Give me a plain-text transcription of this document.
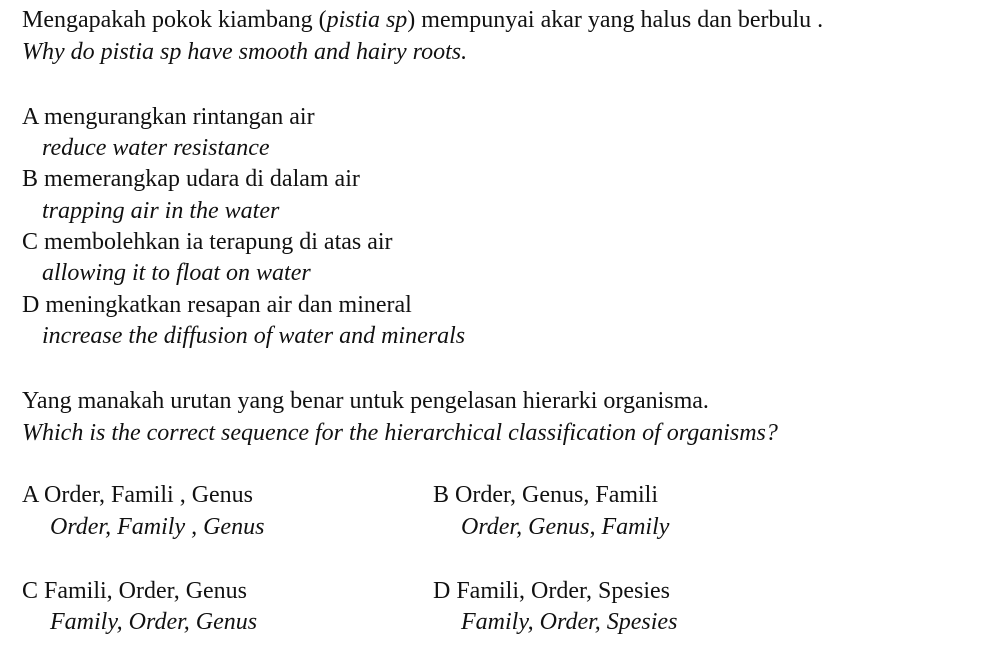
Mengapakah pokok kiambang (pistia sp) mempunyai akar yang halus dan berbulu .
Why do pistia sp have smooth and hairy roots.
A mengurangkan rintangan air
reduce water resistance
B memerangkap udara di dalam air
trapping air in the water
C membolehkan ia terapung di atas air
allowing it to float on water
D meningkatkan resapan air dan mineral
increase the diffusion of water and minerals
Yang manakah urutan yang benar untuk pengelasan hierarki organisma.
Which is the correct sequence for the hierarchical classification of organisms?
A Order, Famili , Genus
Order, Family , Genus
B Order, Genus, Famili
Order, Genus, Family
C Famili, Order, Genus
Family, Order, Genus
D Famili, Order, Spesies
Family, Order, Spesies
